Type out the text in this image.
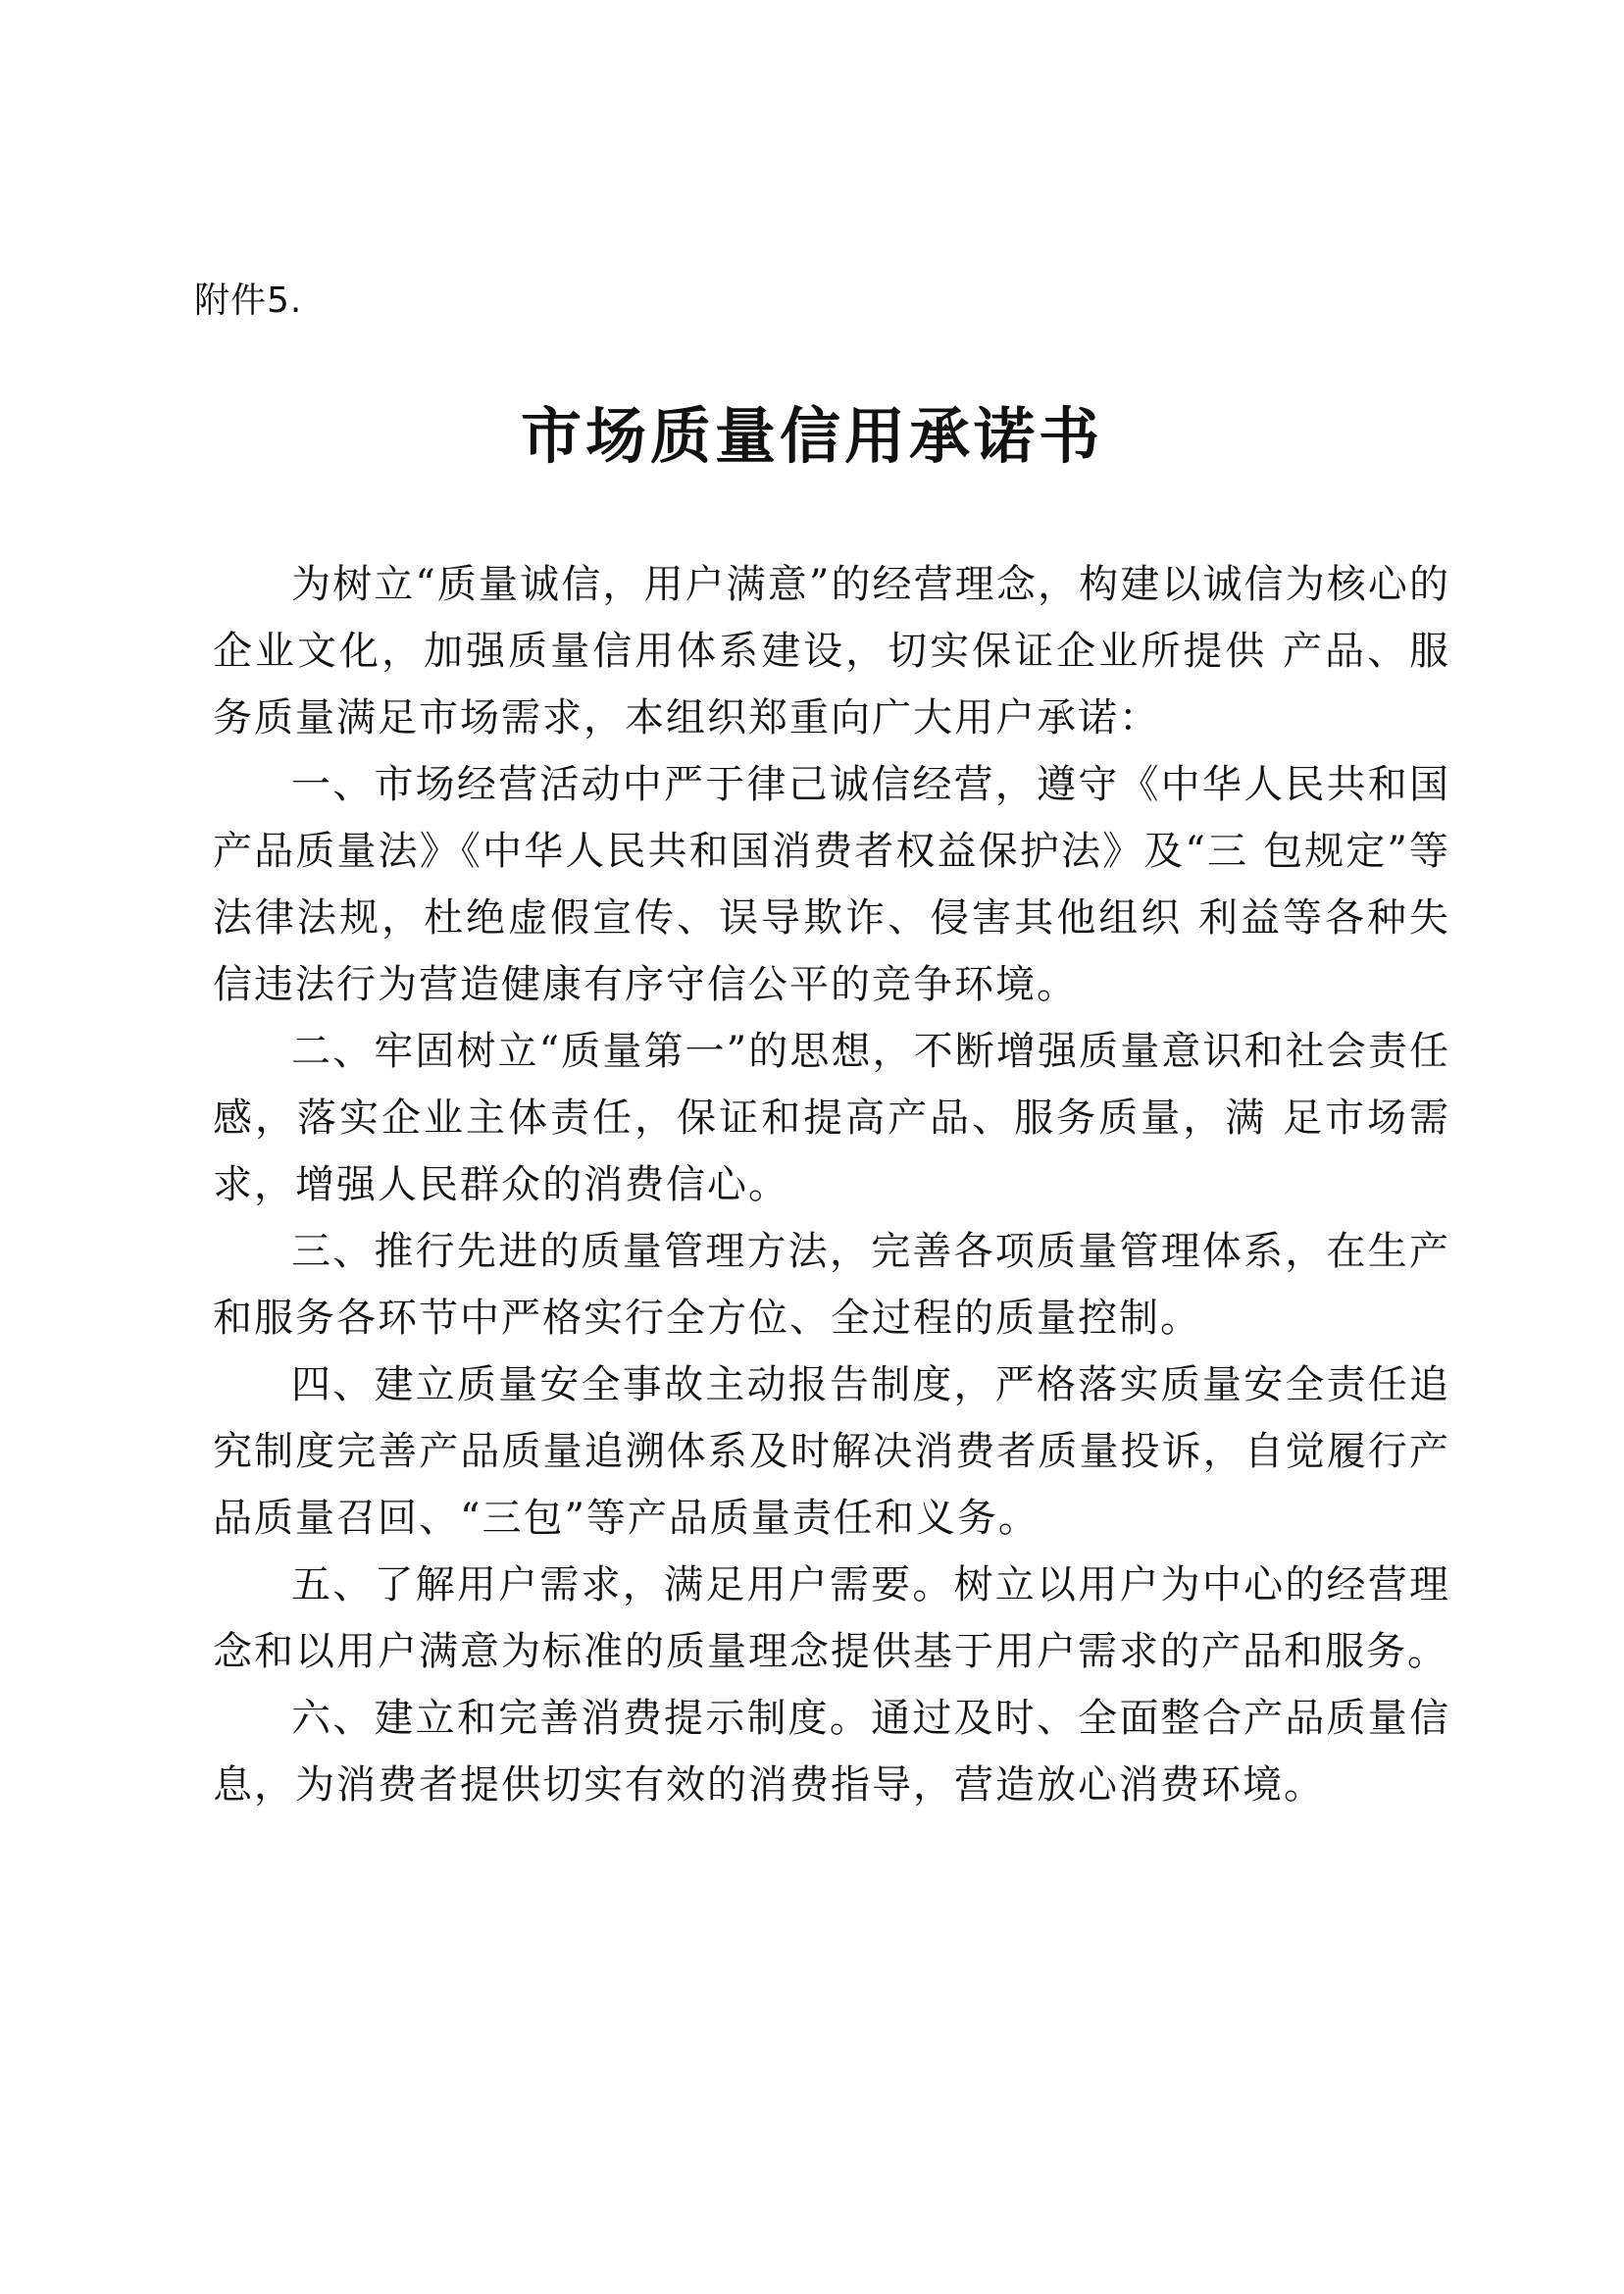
附件5.
市场质量信用承诺书

为树立“质量诚信，用户满意”的经营理念，构建以诚信为核心的企业文化，加强质量信用体系建设，切实保证企业所提供 产品、服务质量满足市场需求，本组织郑重向广大用户承诺：

一、市场经营活动中严于律己诚信经营，遵守《中华人民共和国产品质量法》《中华人民共和国消费者权益保护法》及“三 包规定”等法律法规，杜绝虚假宣传、误导欺诈、侵害其他组织 利益等各种失信违法行为营造健康有序守信公平的竞争环境。

二、牢固树立“质量第一”的思想，不断增强质量意识和社会责任感，落实企业主体责任，保证和提高产品、服务质量，满 足市场需求，增强人民群众的消费信心。

三、推行先进的质量管理方法，完善各项质量管理体系，在生产和服务各环节中严格实行全方位、全过程的质量控制。

四、建立质量安全事故主动报告制度，严格落实质量安全责任追究制度完善产品质量追溯体系及时解决消费者质量投诉，自觉履行产品质量召回、“三包”等产品质量责任和义务。

五、了解用户需求，满足用户需要。树立以用户为中心的经营理念和以用户满意为标准的质量理念提供基于用户需求的产品和服务。

六、建立和完善消费提示制度。通过及时、全面整合产品质量信息，为消费者提供切实有效的消费指导，营造放心消费环境。
